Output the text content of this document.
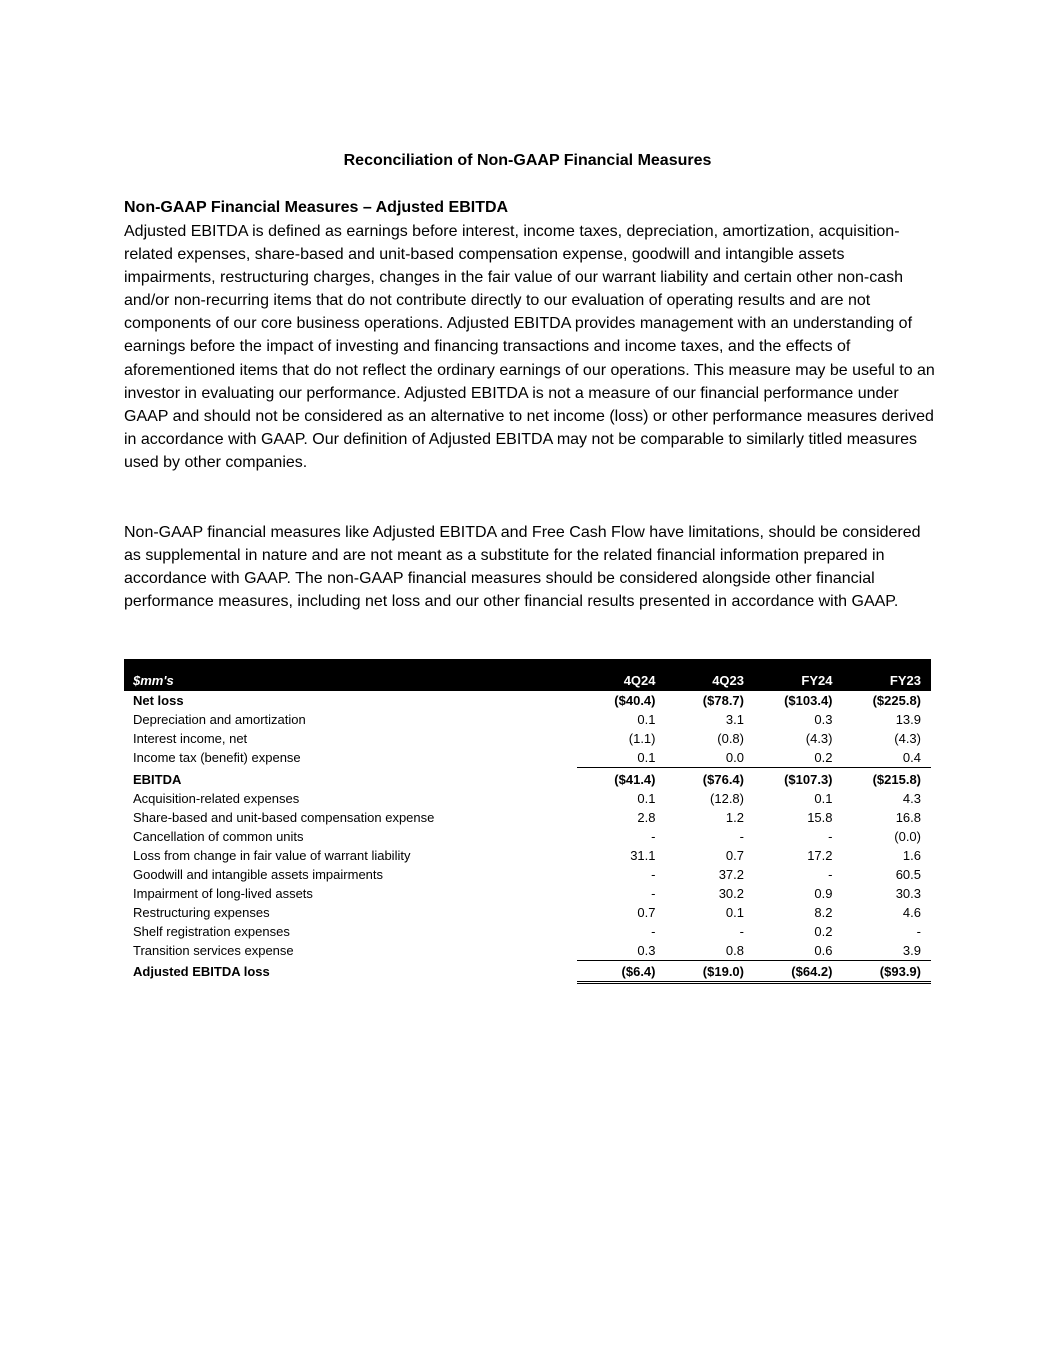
Reconciliation of Non-GAAP Financial Measures
Non-GAAP Financial Measures – Adjusted EBITDA

Adjusted EBITDA is defined as earnings before interest, income taxes, depreciation, amortization, acquisition-related expenses, share-based and unit-based compensation expense, goodwill and intangible assets impairments, restructuring charges, changes in the fair value of our warrant liability and certain other non-cash and/or non-recurring items that do not contribute directly to our evaluation of operating results and are not components of our core business operations. Adjusted EBITDA provides management with an understanding of earnings before the impact of investing and financing transactions and income taxes, and the effects of aforementioned items that do not reflect the ordinary earnings of our operations. This measure may be useful to an investor in evaluating our performance. Adjusted EBITDA is not a measure of our financial performance under GAAP and should not be considered as an alternative to net income (loss) or other performance measures derived in accordance with GAAP. Our definition of Adjusted EBITDA may not be comparable to similarly titled measures used by other companies.

Non-GAAP financial measures like Adjusted EBITDA and Free Cash Flow have limitations, should be considered as supplemental in nature and are not meant as a substitute for the related financial information prepared in accordance with GAAP. The non-GAAP financial measures should be considered alongside other financial performance measures, including net loss and our other financial results presented in accordance with GAAP.

$mm's	4Q24	4Q23	FY24	FY23
Net loss	($40.4)	($78.7)	($103.4)	($225.8)
Depreciation and amortization	0.1	3.1	0.3	13.9
Interest income, net	(1.1)	(0.8)	(4.3)	(4.3)
Income tax (benefit) expense	0.1	0.0	0.2	0.4
EBITDA	($41.4)	($76.4)	($107.3)	($215.8)
Acquisition-related expenses	0.1	(12.8)	0.1	4.3
Share-based and unit-based compensation expense	2.8	1.2	15.8	16.8
Cancellation of common units	-	-	-	(0.0)
Loss from change in fair value of warrant liability	31.1	0.7	17.2	1.6
Goodwill and intangible assets impairments	-	37.2	-	60.5
Impairment of long-lived assets	-	30.2	0.9	30.3
Restructuring expenses	0.7	0.1	8.2	4.6
Shelf registration expenses	-	-	0.2	-
Transition services expense	0.3	0.8	0.6	3.9
Adjusted EBITDA loss	($6.4)	($19.0)	($64.2)	($93.9)
